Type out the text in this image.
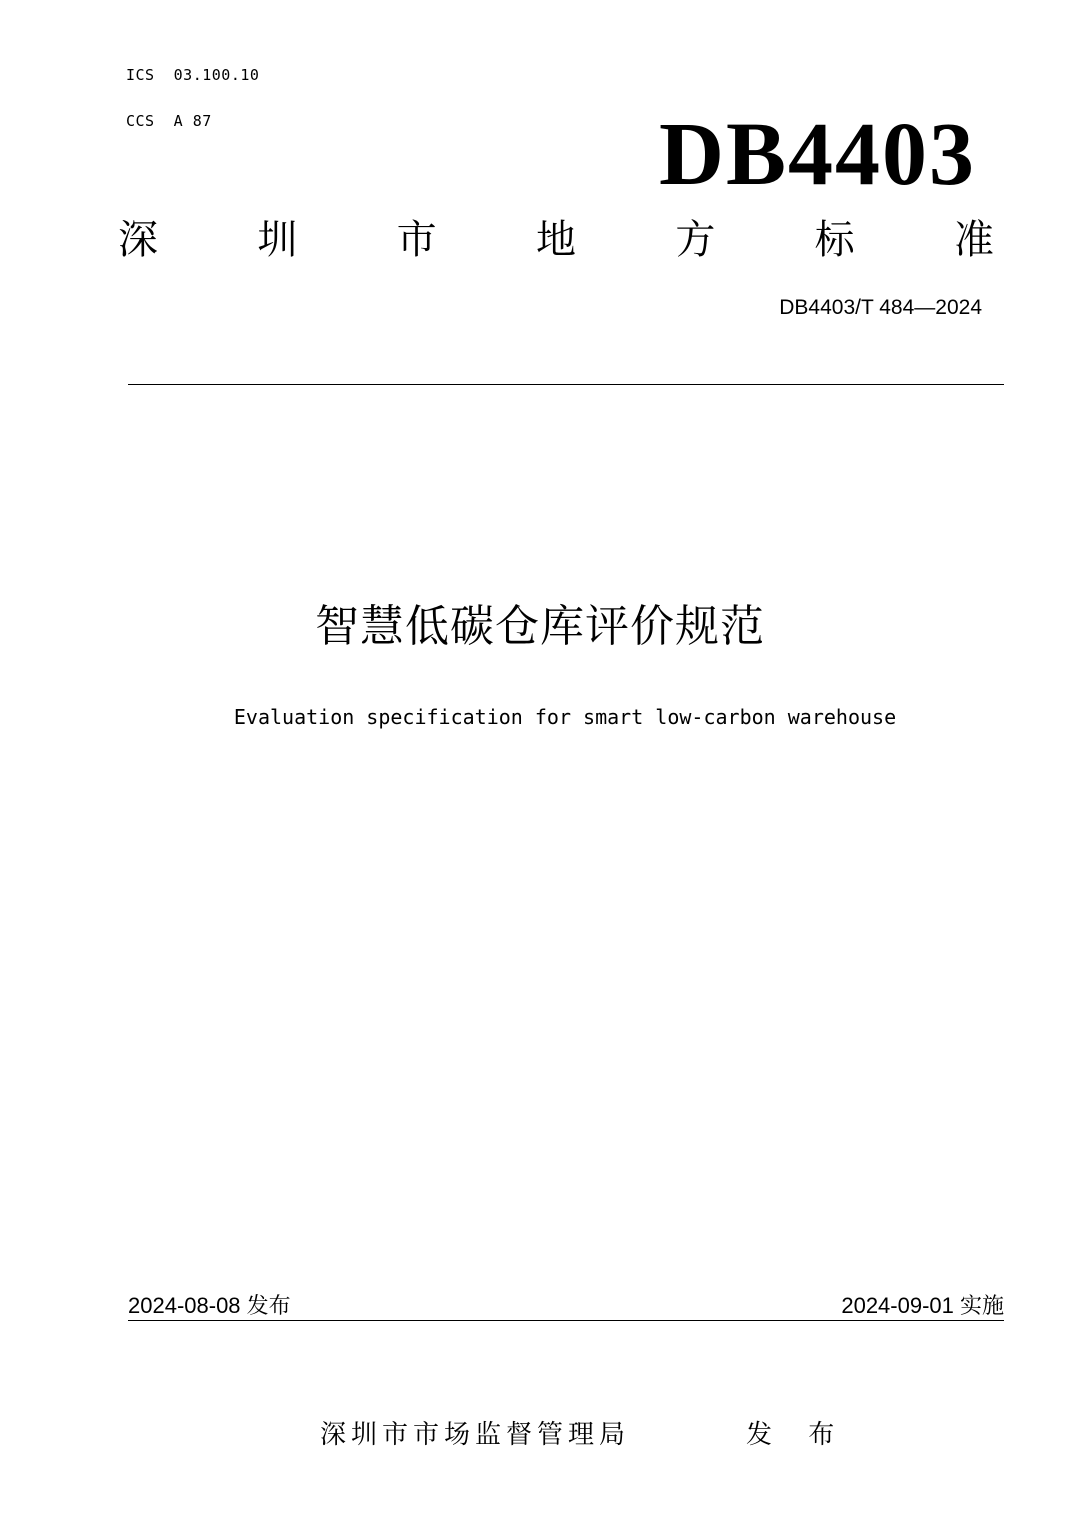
ICS  03.100.10
CCS  A 87	DB4403
深 圳 市 地 方 标 准
DB4403/T 484—2024
智慧低碳仓库评价规范
Evaluation specification for smart low-carbon warehouse
2024-08-08 发布	2024-09-01 实施
深圳市市场监督管理局	发 布
